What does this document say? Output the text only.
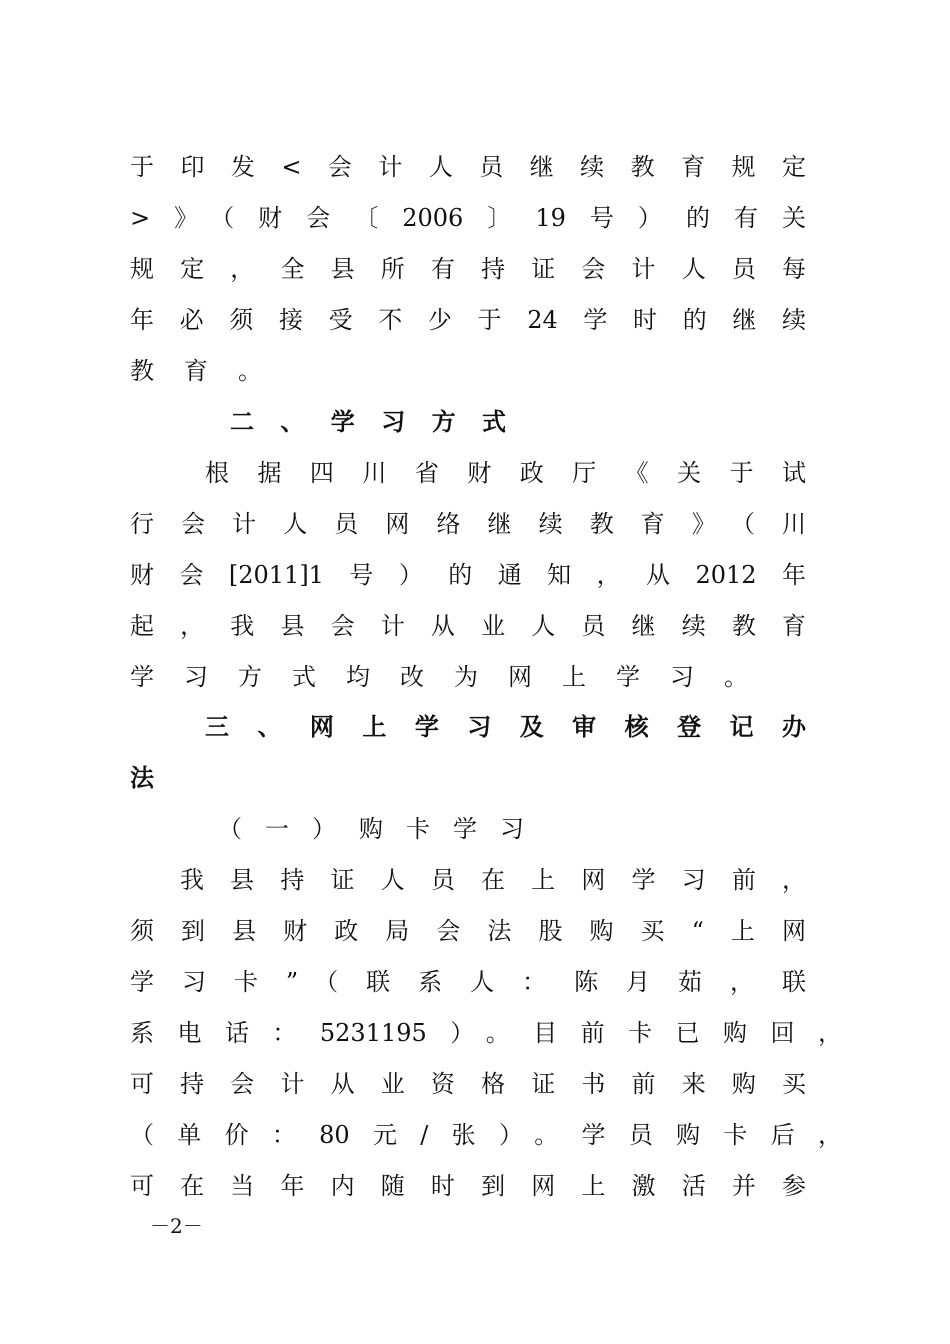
于印发<会计人员继续教育规定
>》（财会〔2006〕19号）的有关
规定，全县所有持证会计人员每
年必须接受不少于24学时的继续
教育。
二、学习方式
根据四川省财政厅《关于试
行会计人员网络继续教育》（川
财会[2011]1号）的通知，从2012年
起，我县会计从业人员继续教育
学习方式均改为网上学习。
三、网上学习及审核登记办
法
（一）购卡学习
我县持证人员在上网学习前，
须到县财政局会法股购买“上网
学习卡”（联系人：陈月茹，联
系电话：5231195）。目前卡已购回，
可持会计从业资格证书前来购买
（单价：80元/张）。学员购卡后，
可在当年内随时到网上激活并参
－2－
